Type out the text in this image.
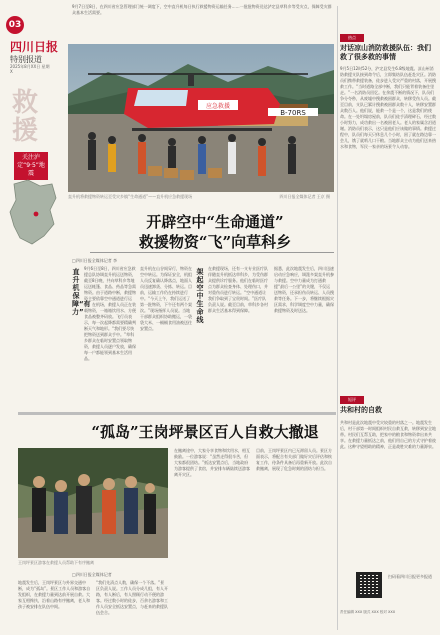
03
四川日报
特别报道
2025年8月XX日 星期X
救
援
关注泸定“9·5”地震
9月7日至8日，在四川省应急管理部门统一调度下，空中直升机每日执行救援物资运输任务……一批批物资送达泸定县草科乡等受灾点，保障受灾群众基本生活需要。
应急救援
B-70RS
直升机将救援物资转运至受灾乡镇“生命通道”——直升机应急救援现场	四川日报全媒体记者 王京 摄
开辟空中“生命通道”
救援物资“飞”向草科乡
□四川日报全媒体记者 李
直升机保障“有力”
架起空中生命线
9月6日至8日，四川省应急救援总队协调直升机运送物资，截至8日晚，共向草科乡等地运送帐篷、食品、药品等急需物资。由于道路中断，救援物资主要依靠空中通道进行运输。在机场，救援人员正在装载物资，一箱箱饮用水、方便食品被整齐码放。飞行员表示，每一次起降都需要精确判断天气和地形。“我们要尽快把物资送到群众手中。”草科乡群众在临时安置点领取物资，救援人员逐户发放，确保每一户都能领到基本生活用品。
直升机在山谷间穿行，物资在空中转运。为保证安全，机组人员反复确认降落点，地面人员迅速卸货、分拣、转运。目前，运输工作仍在持续进行中。“今天上午，我们运送了第一批物资，下午还有两个架次。”现场指挥人员说。当地干部群众组织协助搬运，一袋袋大米、一桶桶食用油被送往安置点。
在救援现场，还有一支专业医疗队伴随直升机抵达草科乡，为受伤群众提供诊疗服务。他们在临时医疗点为群众检查身体、处理伤口，并对重伤员进行转运。“空中通道让我们争取到了宝贵时间。”医疗队负责人说。截至目前，草科乡各村群众生活基本得到保障。
据悉，此次地震发生后，四川迅速启动应急响应，调派多架直升机参与救援。空中力量成为打通救援“最后一公里”的关键，不仅运送物资，还承担伤员转运、人员搜救等任务。下一步，将继续根据灾区需求，科学调度空中力量，确保救援物资及时送达。
“孤岛”王岗坪景区百人自救大撤退
王岗坪景区游客在救援人员帮助下有序撤离
□四川日报全媒体记者
地震发生后，王岗坪景区与外界交通中断，成为“孤岛”。景区工作人员和游客自发组织，在救援力量到达前开展自救。大家互相搀扶，沿着山路有序撤离，老人和孩子被安排在队伍中间。
“我们先清点人数，确保一个不落。”景区负责人说。工作人员分成几组，有人开路，有人断后，有人照顾行动不便的游客。经过数小时的徒步，百余名游客和工作人员安全抵达安置点，与赶来的救援队伍会合。
在撤离途中，大家分享食物和饮用水，相互鼓励。一位游客说：“虽然走得很辛苦，但大家都很团结。”抵达安置点后，当地政府为游客提供了食宿，并安排车辆陆续送游客离开灾区。
目前，王岗坪景区内已无滞留人员。景区方面表示，将配合有关部门做好灾后评估和恢复工作，待条件具备后再重新开放。此次自救撤离，展现了危急时刻的团结与担当。
热点
对话凉山消防救援队伍：我们救了很多救的事情
9月5日12时52分，泸定县发生6.8级地震。凉山州消防救援支队接到命令后，立即集结队伍赶赴灾区。消防员们携带救援装备，徒步进入受灾严重的村落，开展搜救工作。“当时道路全部中断，我们只能背着装备往里走。”一名消防员回忆。在余震不断的情况下，队员们争分夺秒，从废墟中搜救被困群众，转移受伤人员。截至目前，支队已累计搜救被困群众数十人，转移安置群众数百人。他们说，能救一个是一个，这是我们的使命。在一处坍塌房屋前，队员们徒手清理碎石，经过数小时努力，成功救出一名被困老人。老人的家属含泪道谢。消防员们表示，这只是他们应该做的事情。救援过程中，队员们每天只休息几个小时，困了就在路边靠一会儿，饿了就啃几口干粮。当地群众主动为他们送来热水和食物，军民一家亲的场景令人动容。
短评
共和村的自救
共和村是此次地震中受灾较重的村落之一。地震发生后，村干部第一时间组织村民自救互救，转移到安全地带。村民们互帮互助，把家中的粮食和物资拿出来共享。在救援力量抵达之前，他们用自己的方式守护着彼此。这种守望相助的精神，正是战胜灾难的力量源泉。
扫码看四川日报更多报道
责任编辑 XXX 版式 XXX 校对 XXX
